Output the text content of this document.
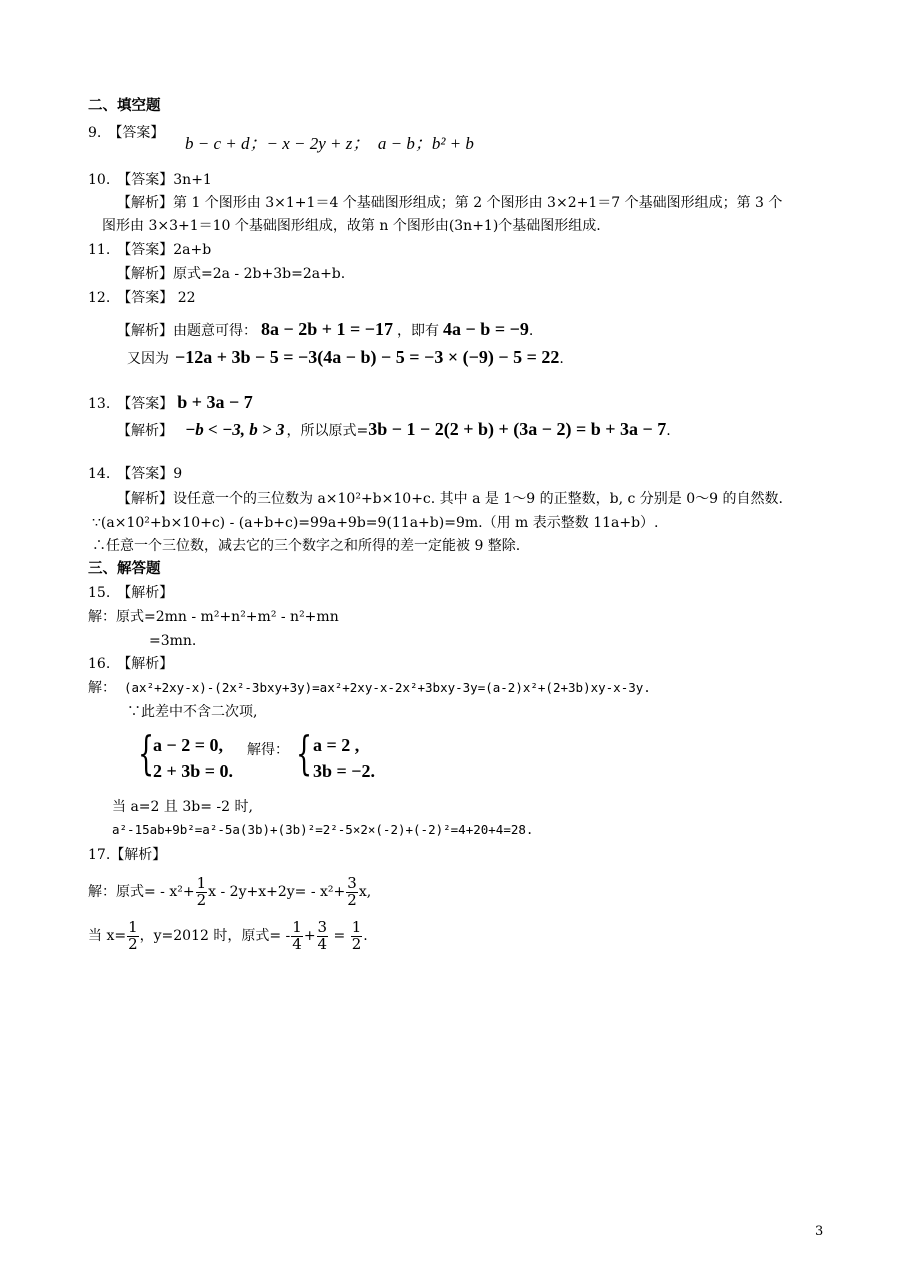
二、填空题
9.　【答案】
b − c + d；− x − 2y + z；　a − b；b² + b
10.　【答案】3n+1
【解析】第 1 个图形由 3×1+1＝4 个基础图形组成；第 2 个图形由 3×2+1＝7 个基础图形组成；第 3 个
图形由 3×3+1＝10 个基础图形组成，故第 n 个图形由(3n+1)个基础图形组成.
11.　【答案】2a+b
【解析】原式=2a - 2b+3b=2a+b.
12.　【答案】 22
【解析】由题意可得： 8a − 2b + 1 = −17 ，即有 4a − b = −9.
又因为 −12a + 3b − 5 = −3(4a − b) − 5 = −3 × (−9) − 5 = 22.
13.　【答案】 b + 3a − 7
【解析】 −b < −3, b > 3 ，所以原式=3b − 1 − 2(2 + b) + (3a − 2) = b + 3a − 7.
14.　【答案】9
【解析】设任意一个的三位数为 a×10²+b×10+c. 其中 a 是 1～9 的正整数，b, c 分别是 0～9 的自然数.
∵(a×10²+b×10+c) - (a+b+c)=99a+9b=9(11a+b)=9m.（用 m 表示整数 11a+b）.
∴任意一个三位数，减去它的三个数字之和所得的差一定能被 9 整除.
三、解答题
15.　【解析】
解：原式=2mn - m²+n²+m² - n²+mn
=3mn.
16.　【解析】
解： (ax²+2xy-x)-(2x²-3bxy+3y)=ax²+2xy-x-2x²+3bxy-3y=(a-2)x²+(2+3b)xy-x-3y.
∵此差中不含二次项,
{
a − 2 = 0,
2 + 3b = 0.
解得： { a = 2 ,
3b = −2.
当 a=2 且 3b= -2 时,
a²-15ab+9b²=a²-5a(3b)+(3b)²=2²-5×2×(-2)+(-2)²=4+20+4=28.
17.【解析】
解：原式= - $x^2+ \frac{1}{2}$ $x - 2y+x+2y= - x^2+ \frac{3}{2} x$,
当 $x= \frac{1}{2}$ ，y=2012 时，原式= - $\frac{1}{4} + \frac{3}{4} = \frac{1}{2}$ .
3
